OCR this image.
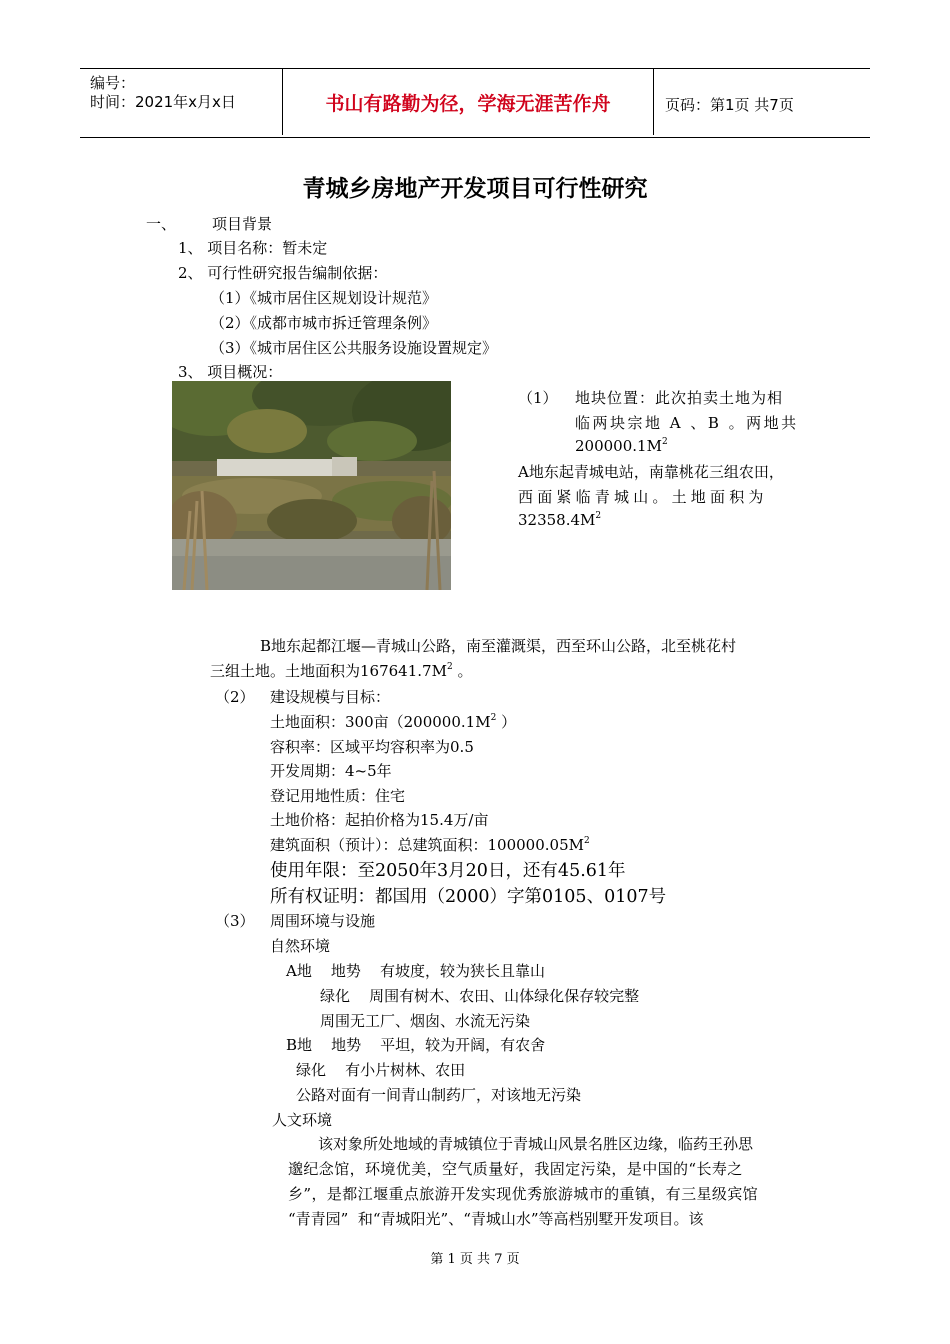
编号：
时间：2021年x月x日	书山有路勤为径，学海无涯苦作舟	页码：第1页 共7页
青城乡房地产开发项目可行性研究
一、 项目背景
1、 项目名称：暂未定
2、 可行性研究报告编制依据：
（1）《城市居住区规划设计规范》
（2）《成都市城市拆迁管理条例》
（3）《城市居住区公共服务设施设置规定》
3、 项目概况：
（1） 地块位置：此次拍卖土地为相
临两块宗地 A 、B 。两地共
$200000.1M^2$
A地东起青城电站，南靠桃花三组农田，
西面紧临青城山。土地面积为
$32358.4M^2$
B地东起都江堰—青城山公路，南至灌溉渠，西至环山公路，北至桃花村
三组土地。土地面积为$167641.7M^2$ 。
（2） 建设规模与目标：
土地面积：300亩（$200000.1M^2$ ）
容积率：区域平均容积率为0.5
开发周期：4~5年
登记用地性质：住宅
土地价格：起拍价格为15.4万/亩
建筑面积（预计）：总建筑面积：$100000.05M^2$
使用年限：至2050年3月20日，还有45.61年
所有权证明：都国用（2000）字第0105、0107号
（3） 周围环境与设施
自然环境
A地    地势    有坡度，较为狭长且靠山
绿化    周围有树木、农田、山体绿化保存较完整
周围无工厂、烟囱、水流无污染
B地    地势    平坦，较为开阔，有农舍
绿化    有小片树林、农田
公路对面有一间青山制药厂，对该地无污染
人文环境
该对象所处地域的青城镇位于青城山风景名胜区边缘，临药王孙思
邈纪念馆，环境优美，空气质量好，我固定污染，是中国的“长寿之
乡”，是都江堰重点旅游开发实现优秀旅游城市的重镇，有三星级宾馆
“青青园”  和“青城阳光”、“青城山水”等高档别墅开发项目。该
第 1 页 共 7 页
